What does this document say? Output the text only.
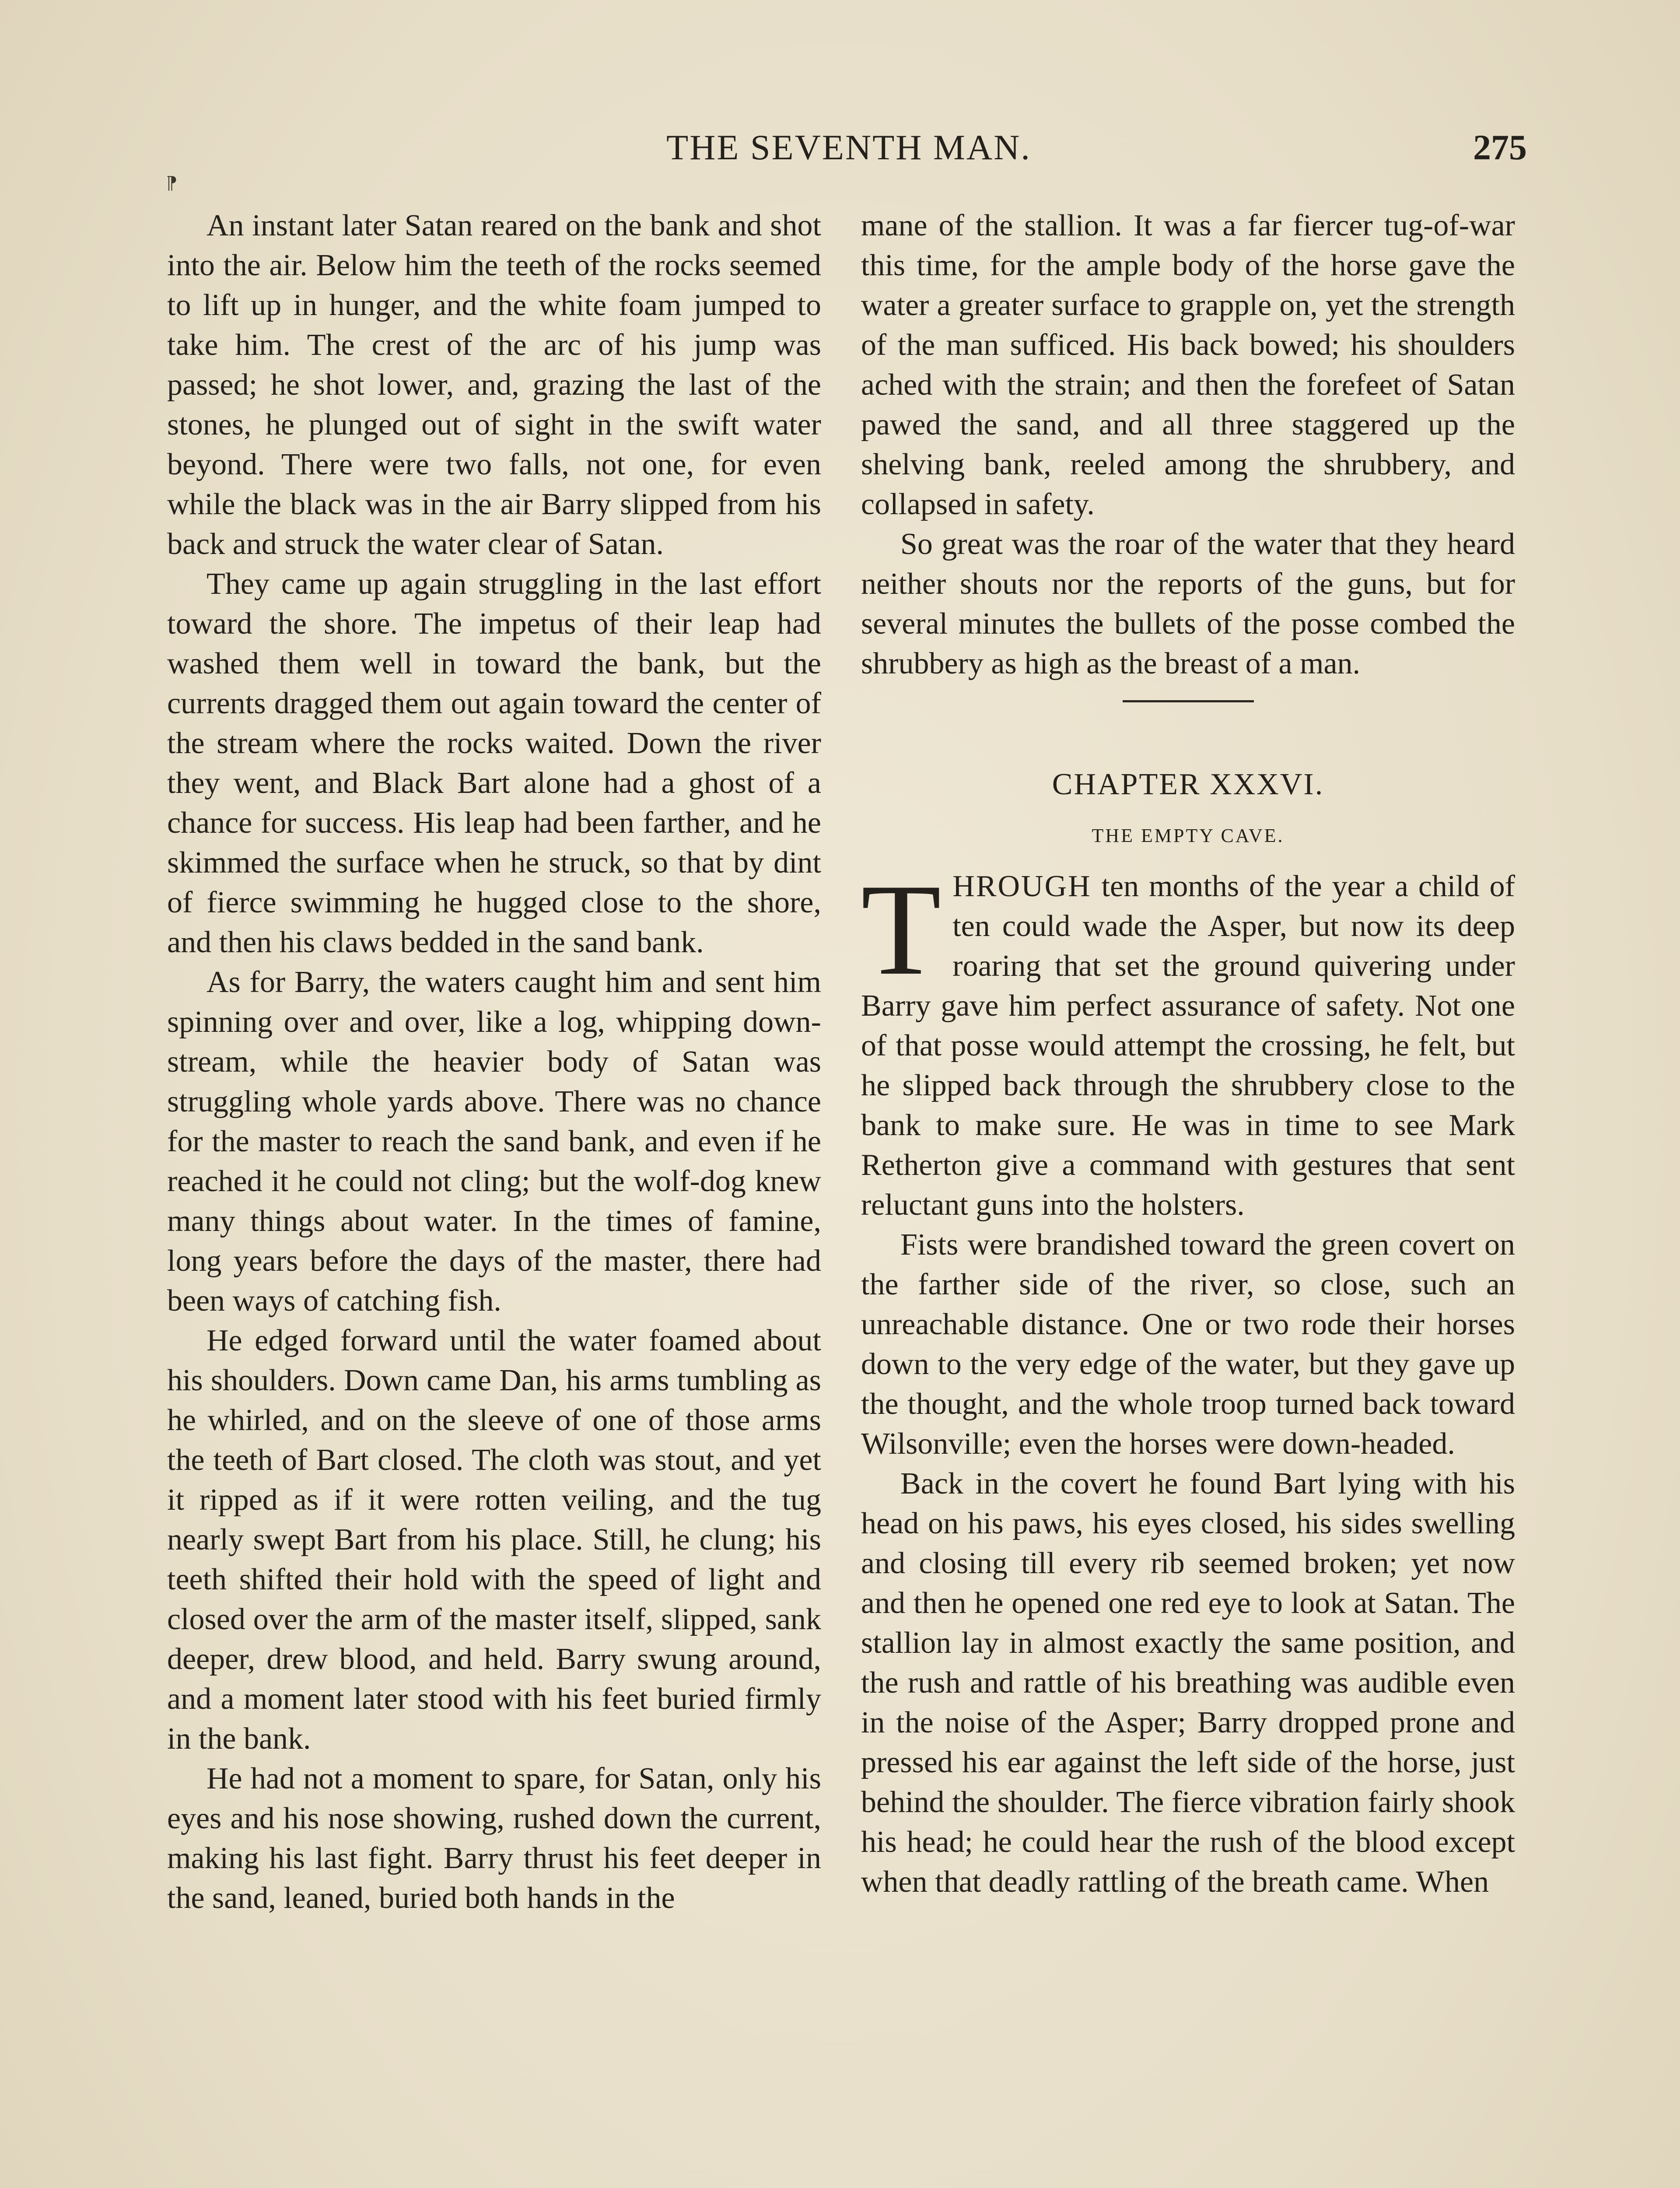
THE SEVENTH MAN.	275
⁋

An instant later Satan reared on the bank and shot into the air. Below him the teeth of the rocks seemed to lift up in hunger, and the white foam jumped to take him. The crest of the arc of his jump was passed; he shot lower, and, grazing the last of the stones, he plunged out of sight in the swift water beyond. There were two falls, not one, for even while the black was in the air Barry slipped from his back and struck the water clear of Satan.

They came up again struggling in the last effort toward the shore. The impetus of their leap had washed them well in toward the bank, but the currents dragged them out again toward the center of the stream where the rocks waited. Down the river they went, and Black Bart alone had a ghost of a chance for success. His leap had been farther, and he skimmed the surface when he struck, so that by dint of fierce swimming he hugged close to the shore, and then his claws bedded in the sand bank.

As for Barry, the waters caught him and sent him spinning over and over, like a log, whipping down-stream, while the heavier body of Satan was struggling whole yards above. There was no chance for the master to reach the sand bank, and even if he reached it he could not cling; but the wolf-dog knew many things about water. In the times of famine, long years before the days of the master, there had been ways of catching fish.

He edged forward until the water foamed about his shoulders. Down came Dan, his arms tumbling as he whirled, and on the sleeve of one of those arms the teeth of Bart closed. The cloth was stout, and yet it ripped as if it were rotten veiling, and the tug nearly swept Bart from his place. Still, he clung; his teeth shifted their hold with the speed of light and closed over the arm of the master itself, slipped, sank deeper, drew blood, and held. Barry swung around, and a moment later stood with his feet buried firmly in the bank.

He had not a moment to spare, for Satan, only his eyes and his nose showing, rushed down the current, making his last fight. Barry thrust his feet deeper in the sand, leaned, buried both hands in the

mane of the stallion. It was a far fiercer tug-of-war this time, for the ample body of the horse gave the water a greater surface to grapple on, yet the strength of the man sufficed. His back bowed; his shoulders ached with the strain; and then the forefeet of Satan pawed the sand, and all three staggered up the shelving bank, reeled among the shrubbery, and collapsed in safety.

So great was the roar of the water that they heard neither shouts nor the reports of the guns, but for several minutes the bullets of the posse combed the shrubbery as high as the breast of a man.

CHAPTER XXXVI.
THE EMPTY CAVE.

THROUGH ten months of the year a child of ten could wade the Asper, but now its deep roaring that set the ground quivering under Barry gave him perfect assurance of safety. Not one of that posse would attempt the crossing, he felt, but he slipped back through the shrubbery close to the bank to make sure. He was in time to see Mark Retherton give a command with gestures that sent reluctant guns into the holsters.

Fists were brandished toward the green covert on the farther side of the river, so close, such an unreachable distance. One or two rode their horses down to the very edge of the water, but they gave up the thought, and the whole troop turned back toward Wilsonville; even the horses were down-headed.

Back in the covert he found Bart lying with his head on his paws, his eyes closed, his sides swelling and closing till every rib seemed broken; yet now and then he opened one red eye to look at Satan. The stallion lay in almost exactly the same position, and the rush and rattle of his breathing was audible even in the noise of the Asper; Barry dropped prone and pressed his ear against the left side of the horse, just behind the shoulder. The fierce vibration fairly shook his head; he could hear the rush of the blood except when that deadly rattling of the breath came. When
